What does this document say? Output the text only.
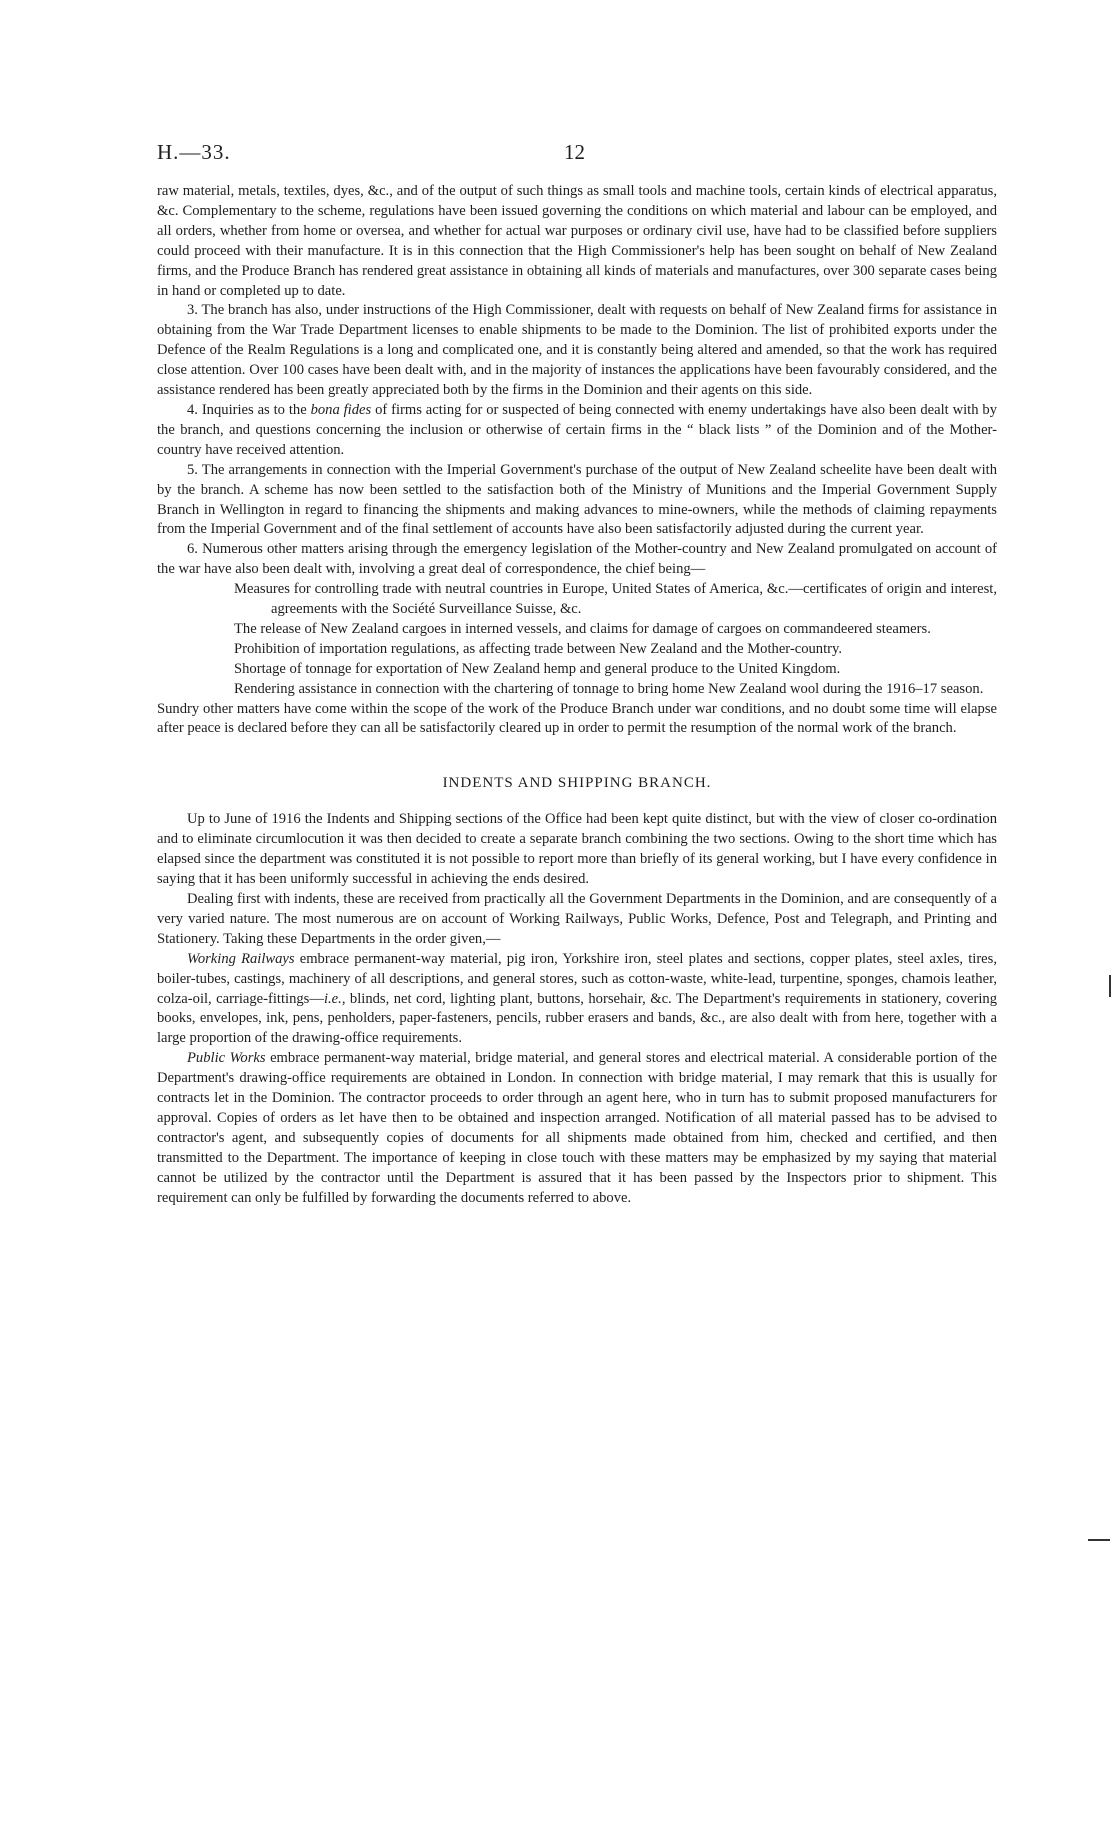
H.—33.	12

raw material, metals, textiles, dyes, &c., and of the output of such things as small tools and machine tools, certain kinds of electrical apparatus, &c. Complementary to the scheme, regulations have been issued governing the conditions on which material and labour can be employed, and all orders, whether from home or oversea, and whether for actual war purposes or ordinary civil use, have had to be classified before suppliers could proceed with their manufacture. It is in this connection that the High Commissioner's help has been sought on behalf of New Zealand firms, and the Produce Branch has rendered great assistance in obtaining all kinds of materials and manufactures, over 300 separate cases being in hand or completed up to date.

3. The branch has also, under instructions of the High Commissioner, dealt with requests on behalf of New Zealand firms for assistance in obtaining from the War Trade Department licenses to enable shipments to be made to the Dominion. The list of prohibited exports under the Defence of the Realm Regulations is a long and complicated one, and it is constantly being altered and amended, so that the work has required close attention. Over 100 cases have been dealt with, and in the majority of instances the applications have been favourably considered, and the assistance rendered has been greatly appreciated both by the firms in the Dominion and their agents on this side.

4. Inquiries as to the bona fides of firms acting for or suspected of being connected with enemy undertakings have also been dealt with by the branch, and questions concerning the inclusion or otherwise of certain firms in the “ black lists ” of the Dominion and of the Mother-country have received attention.

5. The arrangements in connection with the Imperial Government's purchase of the output of New Zealand scheelite have been dealt with by the branch. A scheme has now been settled to the satisfaction both of the Ministry of Munitions and the Imperial Government Supply Branch in Wellington in regard to financing the shipments and making advances to mine-owners, while the methods of claiming repayments from the Imperial Government and of the final settlement of accounts have also been satisfactorily adjusted during the current year.

6. Numerous other matters arising through the emergency legislation of the Mother-country and New Zealand promulgated on account of the war have also been dealt with, involving a great deal of correspondence, the chief being—

Measures for controlling trade with neutral countries in Europe, United States of America, &c.—certificates of origin and interest, agreements with the Société Surveillance Suisse, &c.
The release of New Zealand cargoes in interned vessels, and claims for damage of cargoes on commandeered steamers.
Prohibition of importation regulations, as affecting trade between New Zealand and the Mother-country.
Shortage of tonnage for exportation of New Zealand hemp and general produce to the United Kingdom.
Rendering assistance in connection with the chartering of tonnage to bring home New Zealand wool during the 1916–17 season.

Sundry other matters have come within the scope of the work of the Produce Branch under war conditions, and no doubt some time will elapse after peace is declared before they can all be satisfactorily cleared up in order to permit the resumption of the normal work of the branch.

INDENTS AND SHIPPING BRANCH.

Up to June of 1916 the Indents and Shipping sections of the Office had been kept quite distinct, but with the view of closer co-ordination and to eliminate circumlocution it was then decided to create a separate branch combining the two sections. Owing to the short time which has elapsed since the department was constituted it is not possible to report more than briefly of its general working, but I have every confidence in saying that it has been uniformly successful in achieving the ends desired.

Dealing first with indents, these are received from practically all the Government Departments in the Dominion, and are consequently of a very varied nature. The most numerous are on account of Working Railways, Public Works, Defence, Post and Telegraph, and Printing and Stationery. Taking these Departments in the order given,—

Working Railways embrace permanent-way material, pig iron, Yorkshire iron, steel plates and sections, copper plates, steel axles, tires, boiler-tubes, castings, machinery of all descriptions, and general stores, such as cotton-waste, white-lead, turpentine, sponges, chamois leather, colza-oil, carriage-fittings—i.e., blinds, net cord, lighting plant, buttons, horsehair, &c. The Department's requirements in stationery, covering books, envelopes, ink, pens, penholders, paper-fasteners, pencils, rubber erasers and bands, &c., are also dealt with from here, together with a large proportion of the drawing-office requirements.

Public Works embrace permanent-way material, bridge material, and general stores and electrical material. A considerable portion of the Department's drawing-office requirements are obtained in London. In connection with bridge material, I may remark that this is usually for contracts let in the Dominion. The contractor proceeds to order through an agent here, who in turn has to submit proposed manufacturers for approval. Copies of orders as let have then to be obtained and inspection arranged. Notification of all material passed has to be advised to contractor's agent, and subsequently copies of documents for all shipments made obtained from him, checked and certified, and then transmitted to the Department. The importance of keeping in close touch with these matters may be emphasized by my saying that material cannot be utilized by the contractor until the Department is assured that it has been passed by the Inspectors prior to shipment. This requirement can only be fulfilled by forwarding the documents referred to above.
